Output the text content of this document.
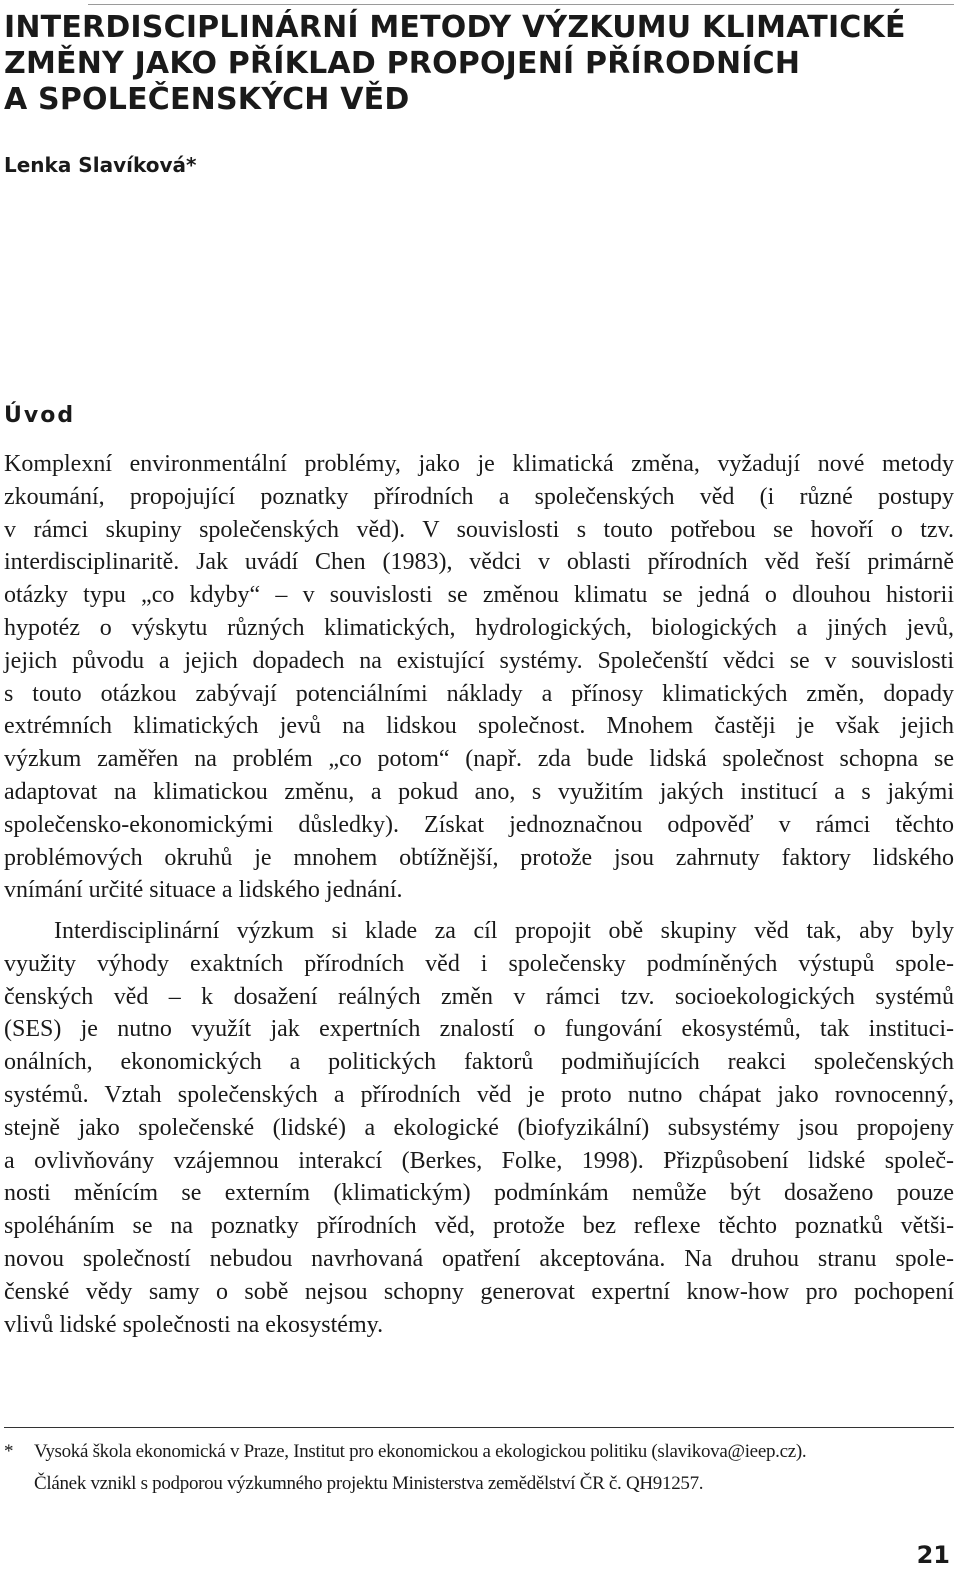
INTERDISCIPLINÁRNÍ METODY VÝZKUMU KLIMATICKÉ
ZMĚNY JAKO PŘÍKLAD PROPOJENÍ PŘÍRODNÍCH
A SPOLEČENSKÝCH VĚD
Lenka Slavíková*
Úvod
Komplexní environmentální problémy, jako je klimatická změna, vyžadují nové metody
zkoumání, propojující poznatky přírodních a společenských věd (i různé postupy
v rámci skupiny společenských věd). V souvislosti s touto potřebou se hovoří o tzv.
interdisciplinaritě. Jak uvádí Chen (1983), vědci v oblasti přírodních věd řeší primárně
otázky typu „co kdyby“ – v souvislosti se změnou klimatu se jedná o dlouhou historii
hypotéz o výskytu různých klimatických, hydrologických, biologických a jiných jevů,
jejich původu a jejich dopadech na existující systémy. Společenští vědci se v souvislosti
s touto otázkou zabývají potenciálními náklady a přínosy klimatických změn, dopady
extrémních klimatických jevů na lidskou společnost. Mnohem častěji je však jejich
výzkum zaměřen na problém „co potom“ (např. zda bude lidská společnost schopna se
adaptovat na klimatickou změnu, a pokud ano, s využitím jakých institucí a s jakými
společensko-ekonomickými důsledky). Získat jednoznačnou odpověď v rámci těchto
problémových okruhů je mnohem obtížnější, protože jsou zahrnuty faktory lidského
vnímání určité situace a lidského jednání.
Interdisciplinární výzkum si klade za cíl propojit obě skupiny věd tak, aby byly
využity výhody exaktních přírodních věd i společensky podmíněných výstupů spole-
čenských věd – k dosažení reálných změn v rámci tzv. socioekologických systémů
(SES) je nutno využít jak expertních znalostí o fungování ekosystémů, tak instituci-
onálních, ekonomických a politických faktorů podmiňujících reakci společenských
systémů. Vztah společenských a přírodních věd je proto nutno chápat jako rovnocenný,
stejně jako společenské (lidské) a ekologické (biofyzikální) subsystémy jsou propojeny
a ovlivňovány vzájemnou interakcí (Berkes, Folke, 1998). Přizpůsobení lidské společ-
nosti měnícím se externím (klimatickým) podmínkám nemůže být dosaženo pouze
spoléháním se na poznatky přírodních věd, protože bez reflexe těchto poznatků větši-
novou společností nebudou navrhovaná opatření akceptována. Na druhou stranu spole-
čenské vědy samy o sobě nejsou schopny generovat expertní know-how pro pochopení
vlivů lidské společnosti na ekosystémy.
* Vysoká škola ekonomická v Praze, Institut pro ekonomickou a ekologickou politiku (slavikova@ieep.cz).
Článek vznikl s podporou výzkumného projektu Ministerstva zemědělství ČR č. QH91257.
21
